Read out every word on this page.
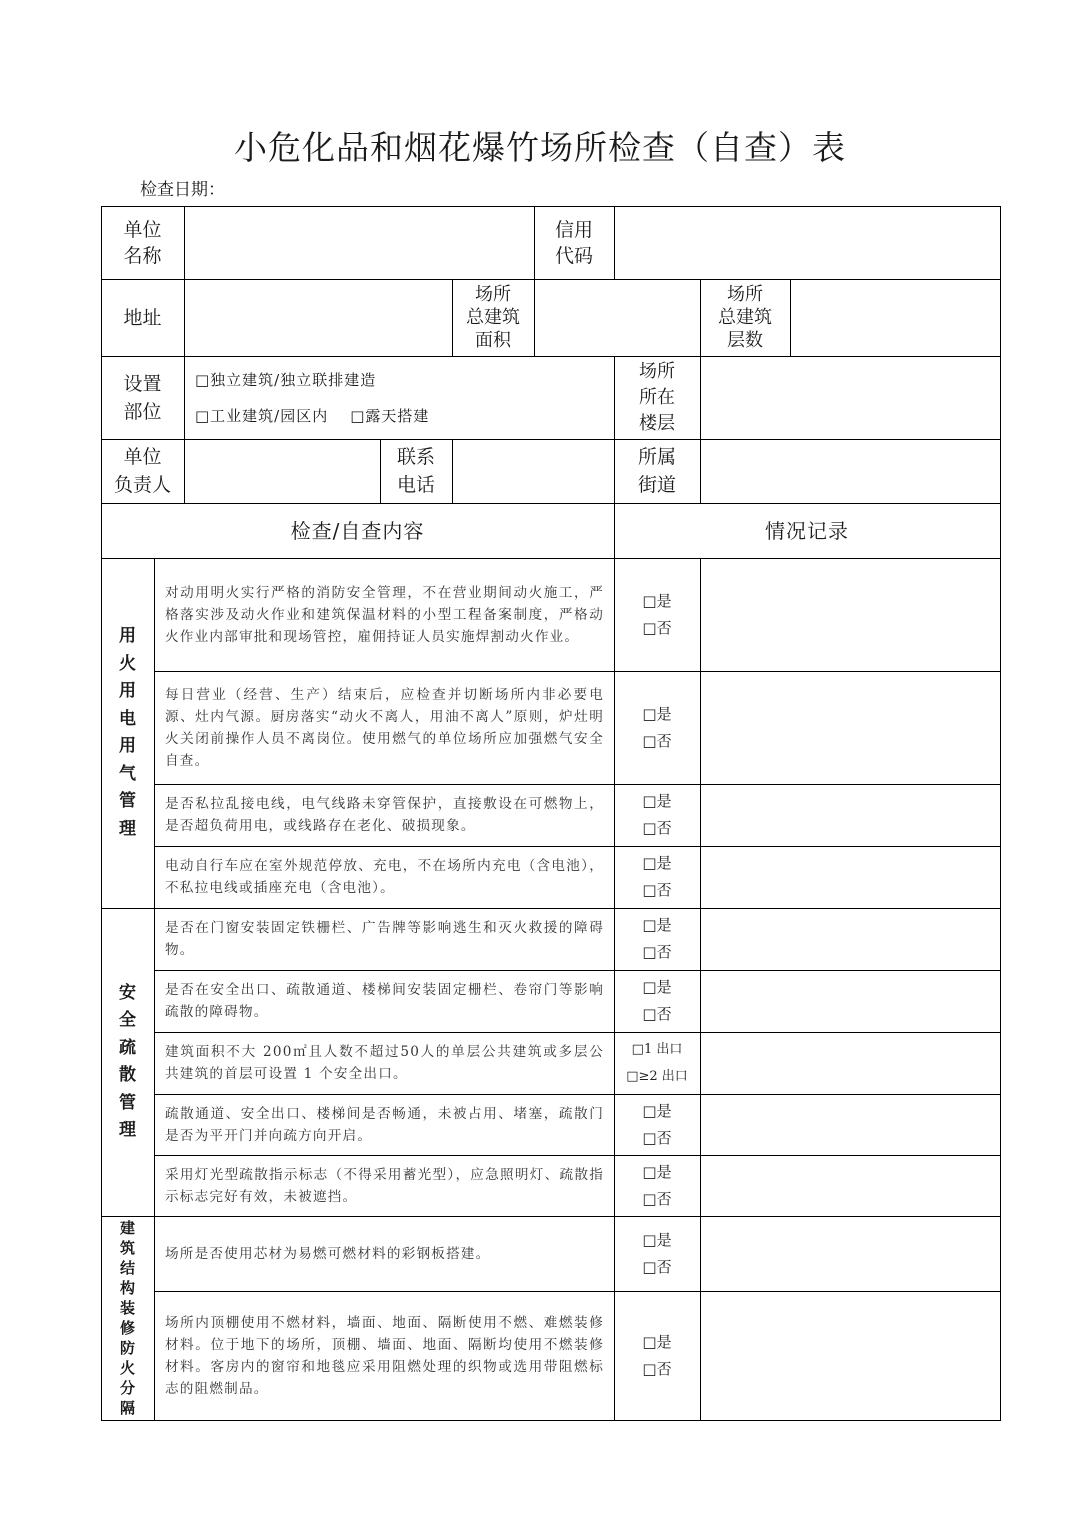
小危化品和烟花爆竹场所检查（自查）表
检查日期：
单位
名称
信用
代码
地址
场所
总建筑
面积
场所
总建筑
层数
设置
部位
□独立建筑/独立联排建造
□工业建筑/园区内 □露天搭建
场所
所在
楼层
单位
负责人
联系
电话
所属
街道
检查/自查内容	情况记录
用
火
用
电
用
气
管
理
安
全
疏
散
管
理
建
筑
结
构
装
修
防
火
分
隔
对动用明火实行严格的消防安全管理，不在营业期间动火施工，严格落实涉及动火作业和建筑保温材料的小型工程备案制度，严格动火作业内部审批和现场管控，雇佣持证人员实施焊割动火作业。
□是
□否
每日营业（经营、生产）结束后，应检查并切断场所内非必要电源、灶内气源。厨房落实“动火不离人，用油不离人”原则，炉灶明火关闭前操作人员不离岗位。使用燃气的单位场所应加强燃气安全自查。
□是
□否
是否私拉乱接电线，电气线路未穿管保护，直接敷设在可燃物上，是否超负荷用电，或线路存在老化、破损现象。
□是
□否
电动自行车应在室外规范停放、充电，不在场所内充电（含电池），不私拉电线或插座充电（含电池）。
□是
□否
是否在门窗安装固定铁栅栏、广告牌等影响逃生和灭火救援的障碍物。
□是
□否
是否在安全出口、疏散通道、楼梯间安装固定栅栏、卷帘门等影响疏散的障碍物。
□是
□否
建筑面积不大 200㎡且人数不超过50人的单层公共建筑或多层公共建筑的首层可设置 1 个安全出口。
□1 出口
□≥2 出口
疏散通道、安全出口、楼梯间是否畅通，未被占用、堵塞，疏散门是否为平开门并向疏方向开启。
□是
□否
采用灯光型疏散指示标志（不得采用蓄光型），应急照明灯、疏散指示标志完好有效，未被遮挡。
□是
□否
场所是否使用芯材为易燃可燃材料的彩钢板搭建。
□是
□否
场所内顶棚使用不燃材料，墙面、地面、隔断使用不燃、难燃装修材料。位于地下的场所，顶棚、墙面、地面、隔断均使用不燃装修材料。客房内的窗帘和地毯应采用阻燃处理的织物或选用带阻燃标志的阻燃制品。
□是
□否
